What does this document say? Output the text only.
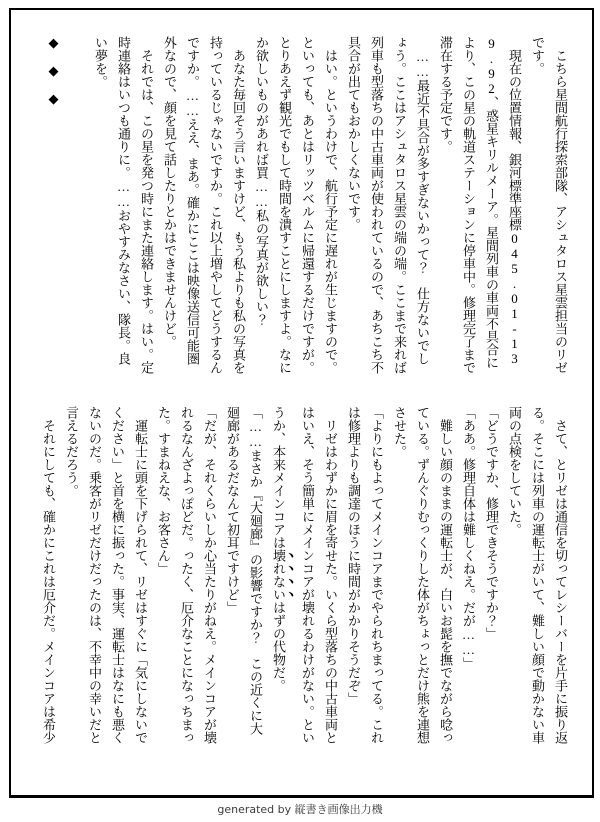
こちら星間航行探索部隊、アシュタロス星雲担当のリゼです。

現在の位置情報、銀河標準座標045.01-139.92、惑星キリルメーア。星間列車の車両不具合により、この星の軌道ステーションに停車中。修理完了まで滞在する予定です。

……最近不具合が多すぎないかって？　仕方ないでしょう。ここはアシュタロス星雲の端の端。ここまで来れば列車も型落ちの中古車両が使われているので、あちこち不具合が出てもおかしくないです。

はい。というわけで、航行予定に遅れが生じますので。といっても、あとはリッツベルムに帰還するだけですが。とりあえず観光でもして時間を潰すことにしますよ。なにか欲しいものがあれば買……私の写真が欲しい？

あなた毎回そう言いますけど、もう私よりも私の写真を持っているじゃないですか。これ以上増やしてどうするんですか。……ええ、まあ。確かにここは映像送信可能圏外なので、顔を見て話したりとかはできませんけど。

それでは、この星を発つ時にまた連絡します。はい。定時連絡はいつも通りに。……おやすみなさい、隊長。良い夢を。

◆　◆　◆

さて、とリゼは通信を切ってレシーバーを片手に振り返る。そこには列車の運転士がいて、難しい顔で動かない車両の点検をしていた。

「どうですか、修理できそうですか？」

「ああ。修理自体は難しくねえ。だが……」

難しい顔のままの運転士が、白いお髭を撫でながら唸っている。ずんぐりむっくりした体がちょっとだけ熊を連想させた。

「よりにもよってメインコアまでやられちまってる。これは修理よりも調達のほうに時間がかかりそうだぞ」

リゼはわずかに眉を寄せた。いくら型落ちの中古車両とはいえ、そう簡単にメインコアが壊れるわけがない。というか、本来メインコアは壊れないはずの代物だ。

「……まさか『大廻廊』の影響ですか？　この近くに大廻廊があるだなんて初耳ですけど」

「だが、それくらいしか心当たりがねえ。メインコアが壊れるなんざよっぽどだ。ったく、厄介なことになっちまった。すまねえな、お客さん」

運転士に頭を下げられて、リゼはすぐに「気にしないでください」と首を横に振った。事実、運転士はなにも悪くないのだ。乗客がリゼだけだったのは、不幸中の幸いだと言えるだろう。

それにしても、確かにこれは厄介だ。メインコアは希少

generated by 縦書き画像出力機
